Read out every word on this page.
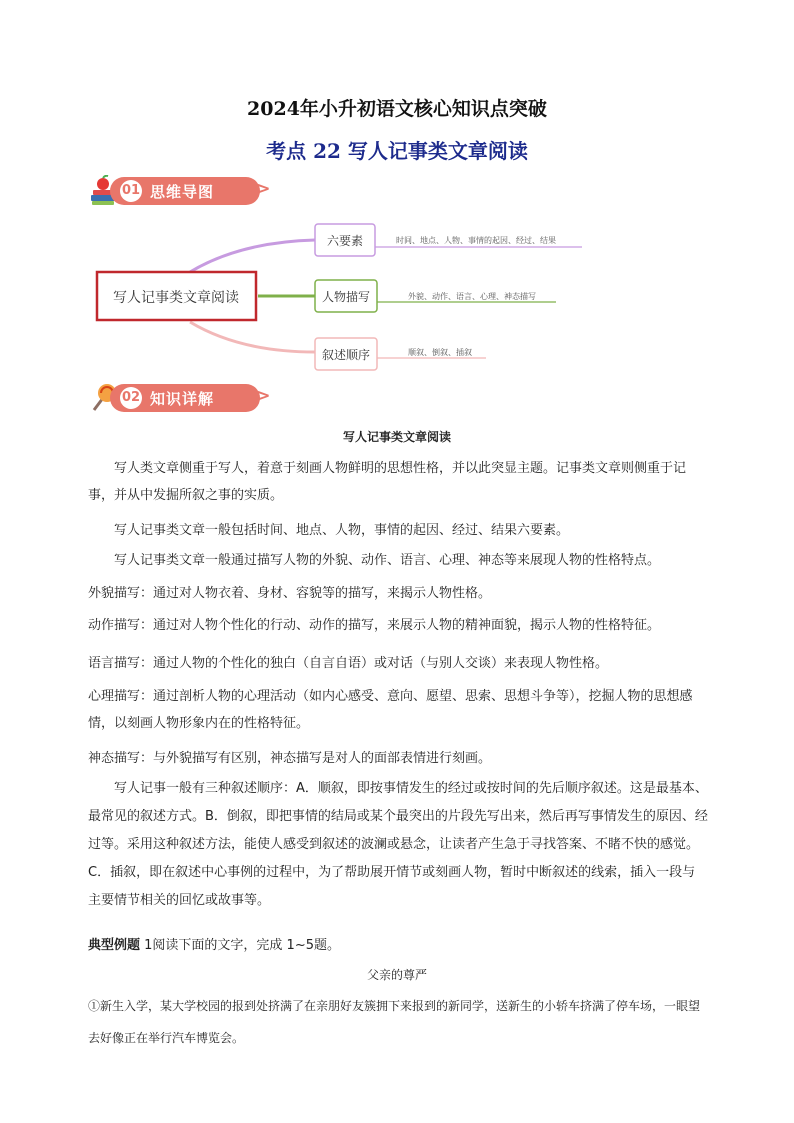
2024年小升初语文核心知识点突破
考点 22 写人记事类文章阅读
01 思维导图 >>
写人记事类文章阅读
六要素	时间、地点、人物、事情的起因、经过、结果
人物描写	外貌、动作、语言、心理、神态描写
叙述顺序	顺叙、倒叙、插叙
02 知识详解 >>
写人记事类文章阅读
写人类文章侧重于写人，着意于刻画人物鲜明的思想性格，并以此突显主题。记事类文章则侧重于记事，并从中发掘所叙之事的实质。
写人记事类文章一般包括时间、地点、人物，事情的起因、经过、结果六要素。
写人记事类文章一般通过描写人物的外貌、动作、语言、心理、神态等来展现人物的性格特点。
外貌描写：通过对人物衣着、身材、容貌等的描写，来揭示人物性格。
动作描写：通过对人物个性化的行动、动作的描写，来展示人物的精神面貌，揭示人物的性格特征。
语言描写：通过人物的个性化的独白（自言自语）或对话（与别人交谈）来表现人物性格。
心理描写：通过剖析人物的心理活动（如内心感受、意向、愿望、思索、思想斗争等），挖掘人物的思想感情，以刻画人物形象内在的性格特征。
神态描写：与外貌描写有区别，神态描写是对人的面部表情进行刻画。
写人记事一般有三种叙述顺序：A．顺叙，即按事情发生的经过或按时间的先后顺序叙述。这是最基本、最常见的叙述方式。B．倒叙，即把事情的结局或某个最突出的片段先写出来，然后再写事情发生的原因、经过等。采用这种叙述方法，能使人感受到叙述的波澜或悬念，让读者产生急于寻找答案、不睹不快的感觉。C．插叙，即在叙述中心事例的过程中，为了帮助展开情节或刻画人物，暂时中断叙述的线索，插入一段与主要情节相关的回忆或故事等。
典型例题 1阅读下面的文字，完成 1~5题。
父亲的尊严
①新生入学，某大学校园的报到处挤满了在亲朋好友簇拥下来报到的新同学，送新生的小轿车挤满了停车场，一眼望去好像正在举行汽车博览会。
